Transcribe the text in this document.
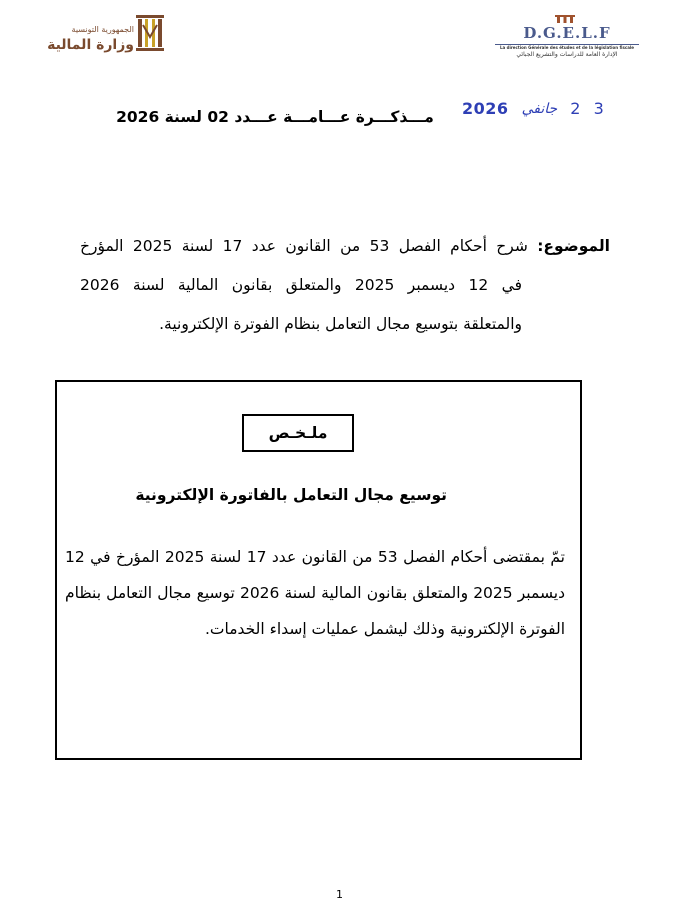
الجمهورية التونسية
وزارة المالية
D.G.E.L.F
La direction Générale des études et de la législation fiscale
الإدارة العامة للدراسات والتشريع الجبائي
2026 جانفي 2 3
مـــذكـــرة عـــامـــة عـــدد 02 لسنة 2026
الموضوع: شرح أحكام الفصل 53 من القانون عدد 17 لسنة 2025 المؤرخ
في 12 ديسمبر 2025 والمتعلق بقانون المالية لسنة 2026
والمتعلقة بتوسيع مجال التعامل بنظام الفوترة الإلكترونية.
ملـخـص
توسيع مجال التعامل بالفاتورة الإلكترونية
تمّ بمقتضى أحكام الفصل 53 من القانون عدد 17 لسنة 2025 المؤرخ في 12
ديسمبر 2025 والمتعلق بقانون المالية لسنة 2026 توسيع مجال التعامل بنظام
الفوترة الإلكترونية وذلك ليشمل عمليات إسداء الخدمات.
1
